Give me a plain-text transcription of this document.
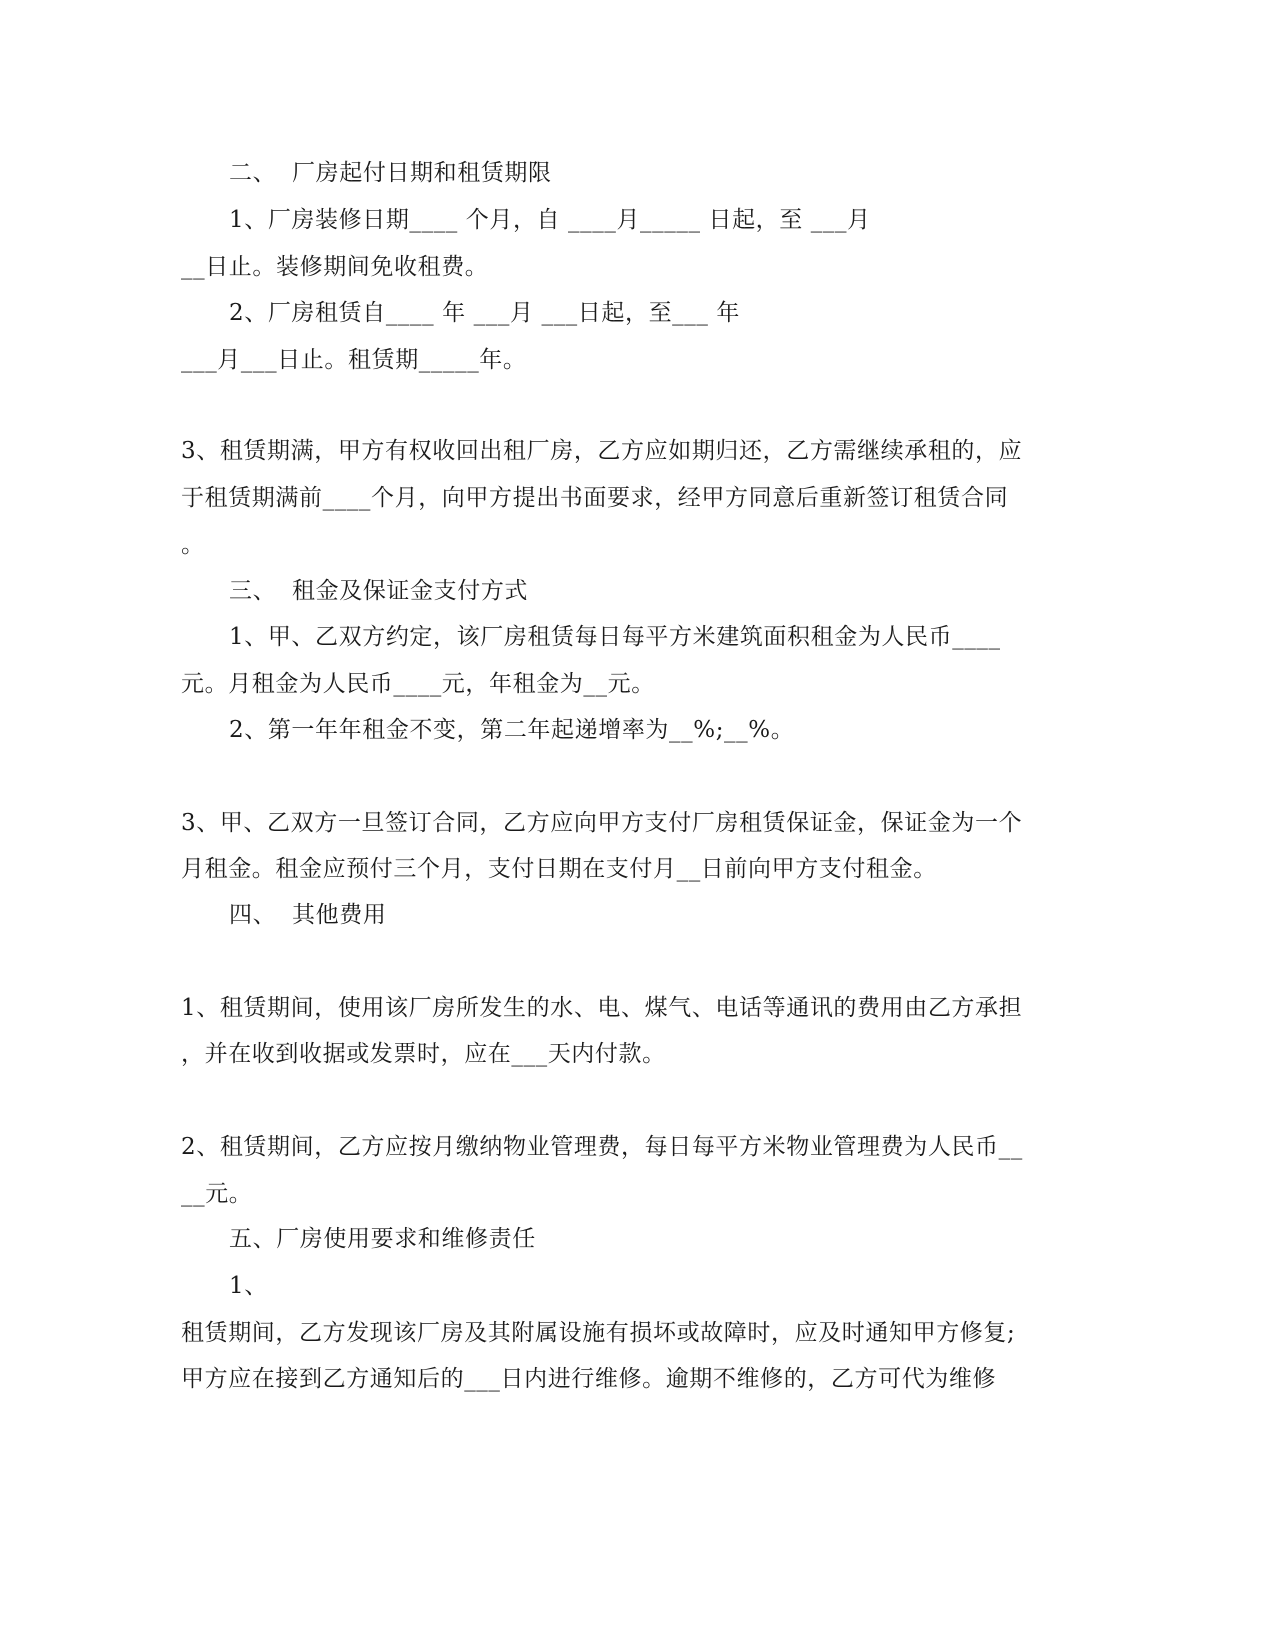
二、  厂房起付日期和租赁期限
1、厂房装修日期____ 个月，自 ____月_____ 日起，至 ___月
__日止。装修期间免收租费。
2、厂房租赁自____ 年 ___月 ___日起，至___ 年
___月___日止。租赁期_____年。
3、租赁期满，甲方有权收回出租厂房，乙方应如期归还，乙方需继续承租的，应
于租赁期满前____个月，向甲方提出书面要求，经甲方同意后重新签订租赁合同
。
三、  租金及保证金支付方式
1、甲、乙双方约定，该厂房租赁每日每平方米建筑面积租金为人民币____
元。月租金为人民币____元，年租金为__元。
2、第一年年租金不变，第二年起递增率为__%;__%。
3、甲、乙双方一旦签订合同，乙方应向甲方支付厂房租赁保证金，保证金为一个
月租金。租金应预付三个月，支付日期在支付月__日前向甲方支付租金。
四、  其他费用
1、租赁期间，使用该厂房所发生的水、电、煤气、电话等通讯的费用由乙方承担
，并在收到收据或发票时，应在___天内付款。
2、租赁期间，乙方应按月缴纳物业管理费，每日每平方米物业管理费为人民币__
__元。
五、厂房使用要求和维修责任
1、
租赁期间，乙方发现该厂房及其附属设施有损坏或故障时，应及时通知甲方修复;
甲方应在接到乙方通知后的___日内进行维修。逾期不维修的，乙方可代为维修
